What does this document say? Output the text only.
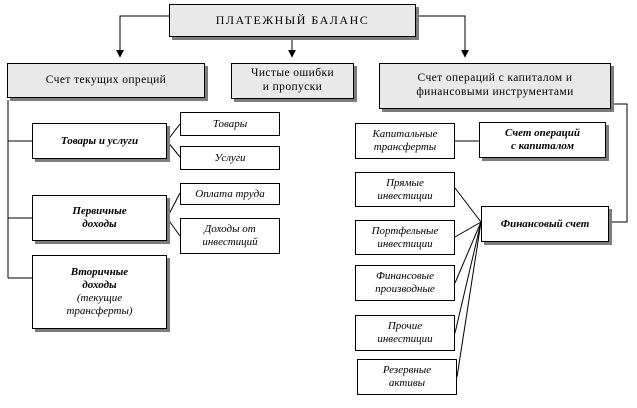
ПЛАТЕЖНЫЙ БАЛАНС
Счет текущих опреций
Чистые ошибки
и пропуски
Счет операций с капиталом и
финансовыми инструментами
Товары и услуги
Товары
Услуги
Первичные
доходы
Оплата труда
Доходы от
инвестиций
Вторичные
доходы
(текущие
трансферты)
Капитальные
трансферты
Счет операций
с капиталом
Финансовый счет
Прямые
инвестиции
Портфельные
инвестиции
Финансовые
производные
Прочие
инвестиции
Резервные
активы
